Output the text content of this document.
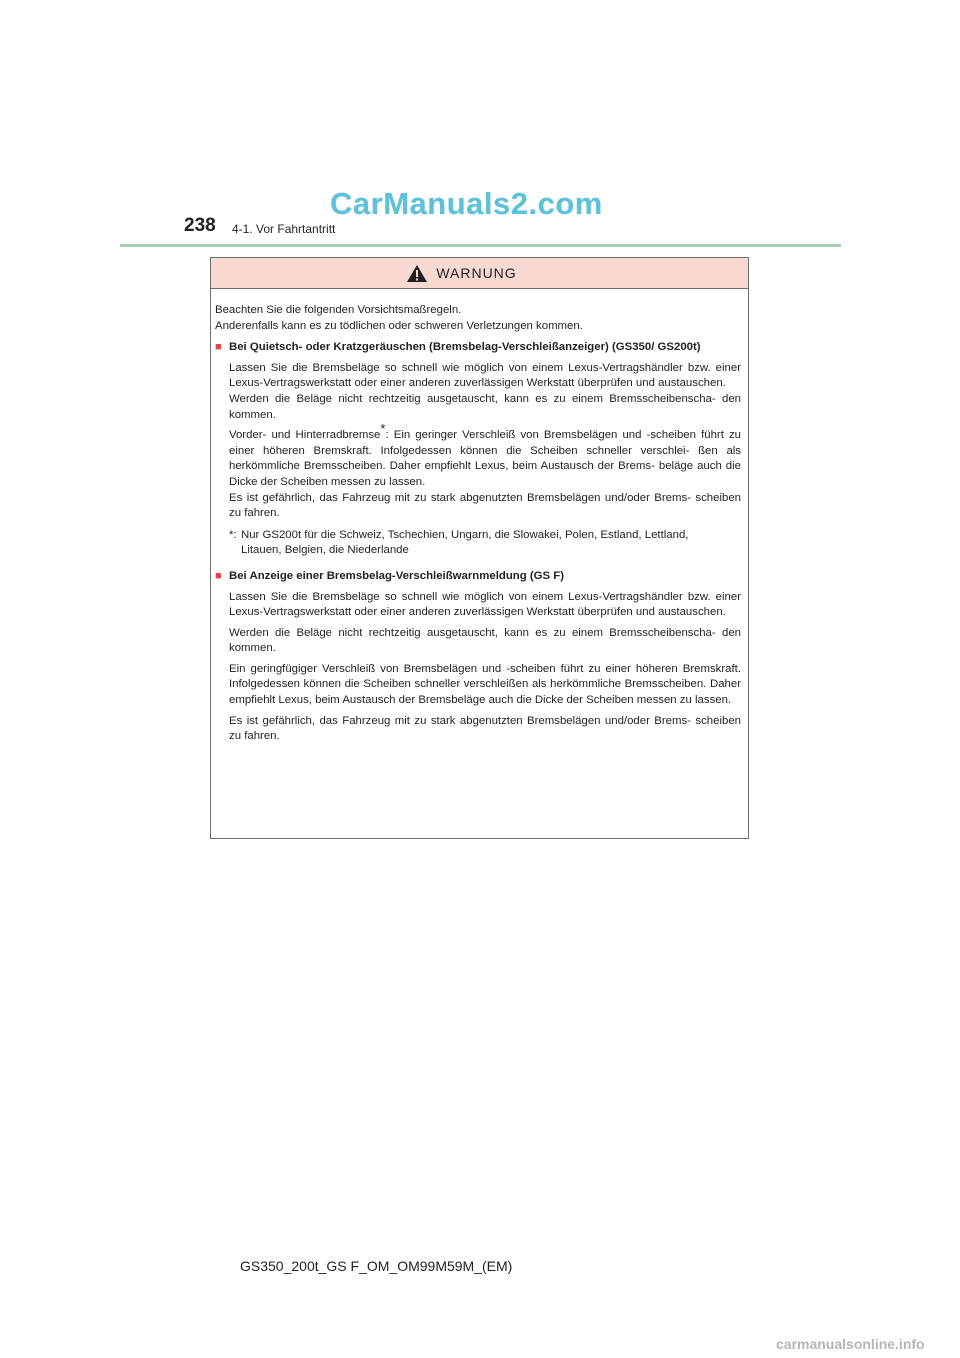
CarManuals2.com
238 4-1. Vor Fahrtantritt
WARNUNG

Beachten Sie die folgenden Vorsichtsmaßregeln.

Anderenfalls kann es zu tödlichen oder schweren Verletzungen kommen.

■ Bei Quietsch- oder Kratzgeräuschen (Bremsbelag-Verschleißanzeiger) (GS350/ GS200t)

Lassen Sie die Bremsbeläge so schnell wie möglich von einem Lexus-Vertragshändler bzw. einer Lexus-Vertragswerkstatt oder einer anderen zuverlässigen Werkstatt überprüfen und austauschen.

Werden die Beläge nicht rechtzeitig ausgetauscht, kann es zu einem Bremsscheibenscha- den kommen.

Vorder- und Hinterradbremse*: Ein geringer Verschleiß von Bremsbelägen und -scheiben führt zu einer höheren Bremskraft. Infolgedessen können die Scheiben schneller verschlei- ßen als herkömmliche Bremsscheiben. Daher empfiehlt Lexus, beim Austausch der Brems- beläge auch die Dicke der Scheiben messen zu lassen.

Es ist gefährlich, das Fahrzeug mit zu stark abgenutzten Bremsbelägen und/oder Brems- scheiben zu fahren.

*: Nur GS200t für die Schweiz, Tschechien, Ungarn, die Slowakei, Polen, Estland, Lettland,

Litauen, Belgien, die Niederlande

■ Bei Anzeige einer Bremsbelag-Verschleißwarnmeldung (GS F)

Lassen Sie die Bremsbeläge so schnell wie möglich von einem Lexus-Vertragshändler bzw. einer Lexus-Vertragswerkstatt oder einer anderen zuverlässigen Werkstatt überprüfen und austauschen.

Werden die Beläge nicht rechtzeitig ausgetauscht, kann es zu einem Bremsscheibenscha- den kommen.

Ein geringfügiger Verschleiß von Bremsbelägen und -scheiben führt zu einer höheren Bremskraft. Infolgedessen können die Scheiben schneller verschleißen als herkömmliche Bremsscheiben. Daher empfiehlt Lexus, beim Austausch der Bremsbeläge auch die Dicke der Scheiben messen zu lassen.

Es ist gefährlich, das Fahrzeug mit zu stark abgenutzten Bremsbelägen und/oder Brems- scheiben zu fahren.

GS350_200t_GS F_OM_OM99M59M_(EM)
carmanualsonline.info
